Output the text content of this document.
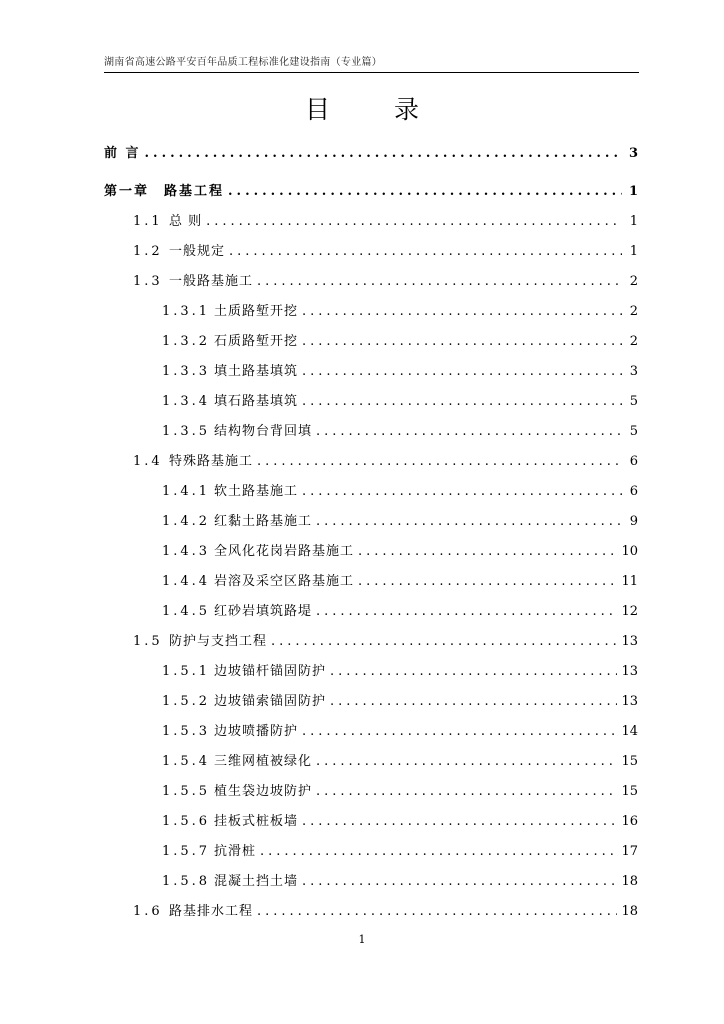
湖南省高速公路平安百年品质工程标准化建设指南（专业篇）
目 录
前 言 .....	3
第一章　路基工程 .....	1
1.1 总 则 .....	1
1.2 一般规定 .....	1
1.3 一般路基施工 .....	2
1.3.1 土质路堑开挖 .....	2
1.3.2 石质路堑开挖 .....	2
1.3.3 填土路基填筑 .....	3
1.3.4 填石路基填筑 .....	5
1.3.5 结构物台背回填 .....	5
1.4 特殊路基施工 .....	6
1.4.1 软土路基施工 .....	6
1.4.2 红黏土路基施工 .....	9
1.4.3 全风化花岗岩路基施工 .....	10
1.4.4 岩溶及采空区路基施工 .....	11
1.4.5 红砂岩填筑路堤 .....	12
1.5 防护与支挡工程 .....	13
1.5.1 边坡锚杆锚固防护 .....	13
1.5.2 边坡锚索锚固防护 .....	13
1.5.3 边坡喷播防护 .....	14
1.5.4 三维网植被绿化 .....	15
1.5.5 植生袋边坡防护 .....	15
1.5.6 挂板式桩板墙 .....	16
1.5.7 抗滑桩 .....	17
1.5.8 混凝土挡土墙 .....	18
1.6 路基排水工程 .....	18
1
